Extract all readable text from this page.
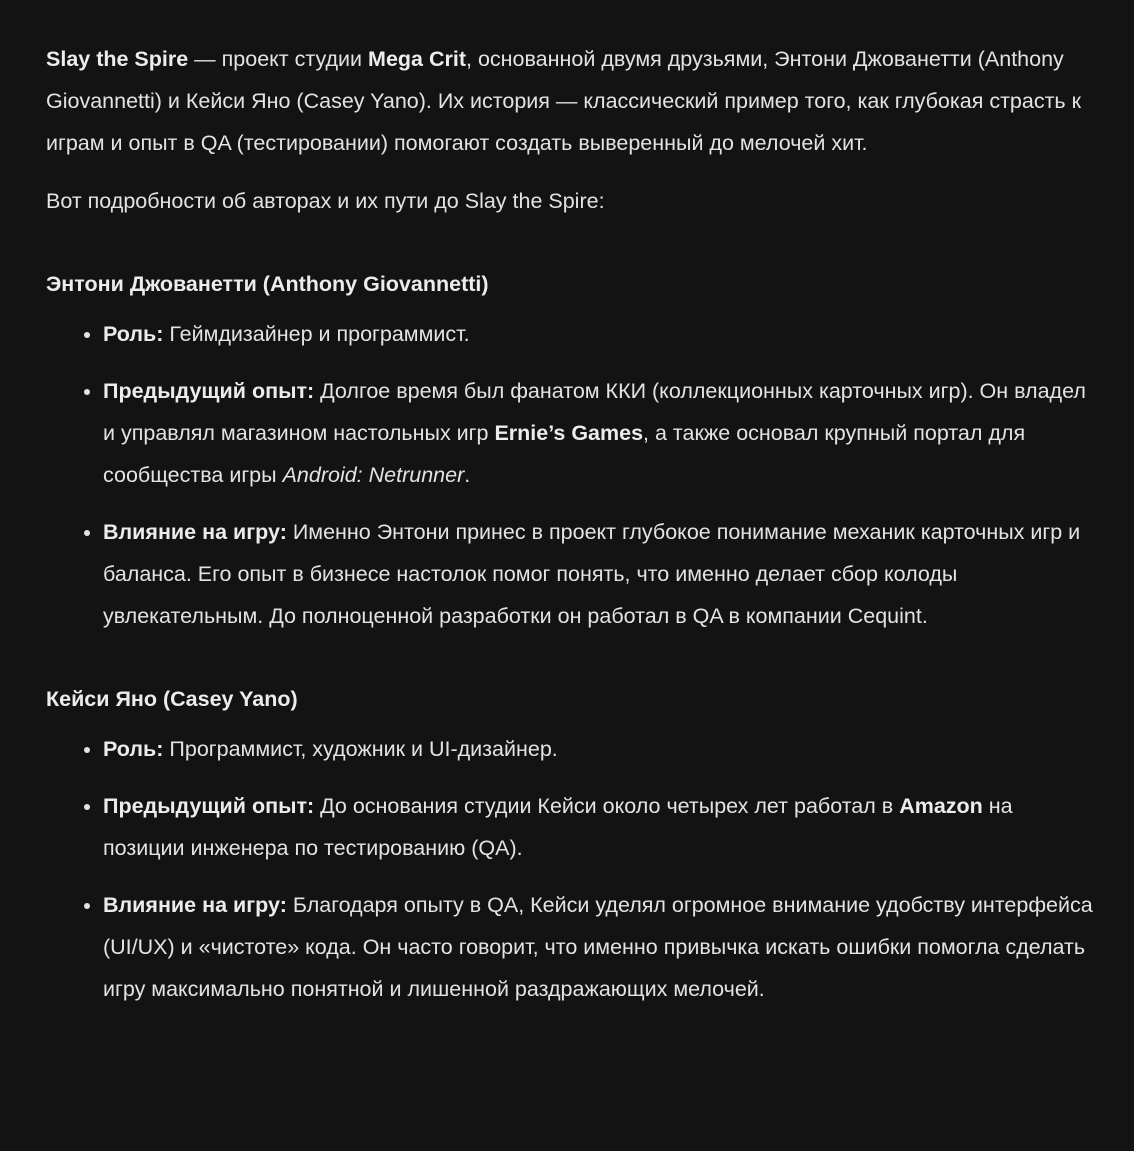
Slay the Spire — проект студии Mega Crit, основанной двумя друзьями, Энтони Джованетти (Anthony Giovannetti) и Кейси Яно (Casey Yano). Их история — классический пример того, как глубокая страсть к играм и опыт в QA (тестировании) помогают создать выверенный до мелочей хит.

Вот подробности об авторах и их пути до Slay the Spire:

Энтони Джованетти (Anthony Giovannetti)
• Роль: Геймдизайнер и программист.
• Предыдущий опыт: Долгое время был фанатом ККИ (коллекционных карточных игр). Он владел и управлял магазином настольных игр Ernie’s Games, а также основал крупный портал для сообщества игры Android: Netrunner.
• Влияние на игру: Именно Энтони принес в проект глубокое понимание механик карточных игр и баланса. Его опыт в бизнесе настолок помог понять, что именно делает сбор колоды увлекательным. До полноценной разработки он работал в QA в компании Cequint.
Кейси Яно (Casey Yano)
• Роль: Программист, художник и UI-дизайнер.
• Предыдущий опыт: До основания студии Кейси около четырех лет работал в Amazon на позиции инженера по тестированию (QA).
• Влияние на игру: Благодаря опыту в QA, Кейси уделял огромное внимание удобству интерфейса (UI/UX) и «чистоте» кода. Он часто говорит, что именно привычка искать ошибки помогла сделать игру максимально понятной и лишенной раздражающих мелочей.
